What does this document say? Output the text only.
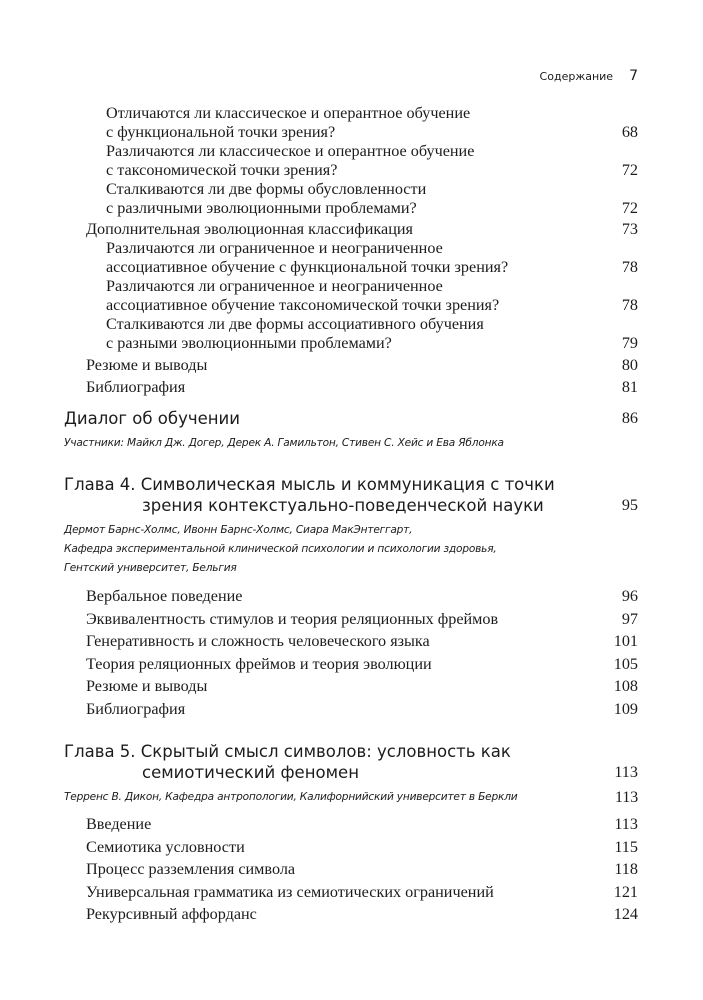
Содержание 7
Отличаются ли классическое и оперантное обучение
с функциональной точки зрения?	68
Различаются ли классическое и оперантное обучение
с таксономической точки зрения?	72
Сталкиваются ли две формы обусловленности
с различными эволюционными проблемами?	72
Дополнительная эволюционная классификация	73
Различаются ли ограниченное и неограниченное
ассоциативное обучение с функциональной точки зрения?	78
Различаются ли ограниченное и неограниченное
ассоциативное обучение таксономической точки зрения?	78
Сталкиваются ли две формы ассоциативного обучения
с разными эволюционными проблемами?	79
Резюме и выводы	80
Библиография	81
Диалог об обучении	86
Участники: Майкл Дж. Догер, Дерек А. Гамильтон, Стивен С. Хейс и Ева Яблонка
Глава 4. Символическая мысль и коммуникация с точки
зрения контекстуально-поведенческой науки	95
Дермот Барнс-Холмс, Ивонн Барнс-Холмс, Сиара МакЭнтеггарт,
Кафедра экспериментальной клинической психологии и психологии здоровья,
Гентский университет, Бельгия
Вербальное поведение	96
Эквивалентность стимулов и теория реляционных фреймов	97
Генеративность и сложность человеческого языка	101
Теория реляционных фреймов и теория эволюции	105
Резюме и выводы	108
Библиография	109
Глава 5. Скрытый смысл символов: условность как
семиотический феномен	113
Терренс В. Дикон, Кафедра антропологии, Калифорнийский университет в Беркли	113
Введение	113
Семиотика условности	115
Процесс разземления символа	118
Универсальная грамматика из семиотических ограничений	121
Рекурсивный аффорданс	124
